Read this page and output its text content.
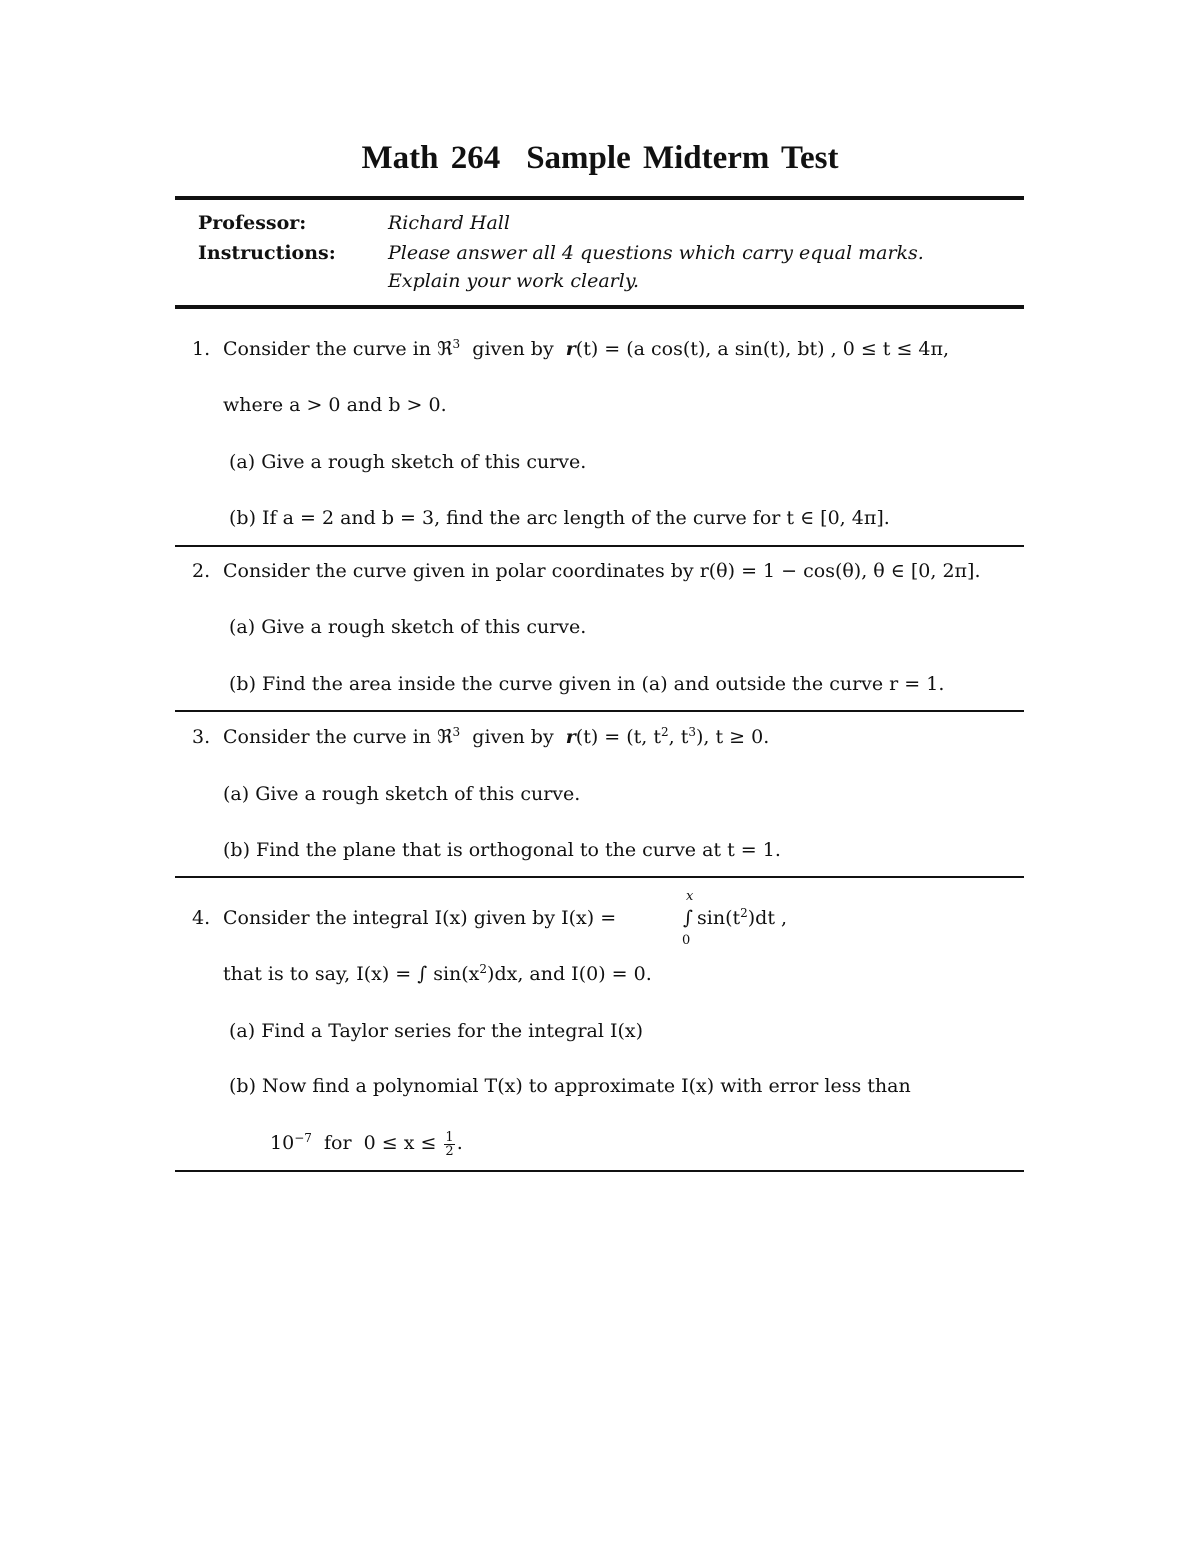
Math 264 Sample Midterm Test
Professor:	Richard Hall
Instructions:	Please answer all 4 questions which carry equal marks.
Explain your work clearly.
1. Consider the curve in ℜ$^3$ given by r(t) = (a cos(t), a sin(t), bt) , 0 ≤ t ≤ 4π,
where a > 0 and b > 0.
(a) Give a rough sketch of this curve.
(b) If a = 2 and b = 3, find the arc length of the curve for t ∈ [0, 4π].
2. Consider the curve given in polar coordinates by r(θ) = 1 − cos(θ), θ ∈ [0, 2π].
(a) Give a rough sketch of this curve.
(b) Find the area inside the curve given in (a) and outside the curve r = 1.
3. Consider the curve in ℜ$^3$ given by r(t) = (t, $t^2$, $t^3$), t ≥ 0.
(a) Give a rough sketch of this curve.
(b) Find the plane that is orthogonal to the curve at t = 1.
4. Consider the integral I(x) given by I(x) =
x
∫
0
$\sin(t^2)dt$ ,
that is to say, I(x) = ∫ $\sin(x^2)dx$, and I(0) = 0.
(a) Find a Taylor series for the integral I(x)
(b) Now find a polynomial T(x) to approximate I(x) with error less than
$10^{-7}$  for  $0 \le x \le \frac{1}{2}$ .
